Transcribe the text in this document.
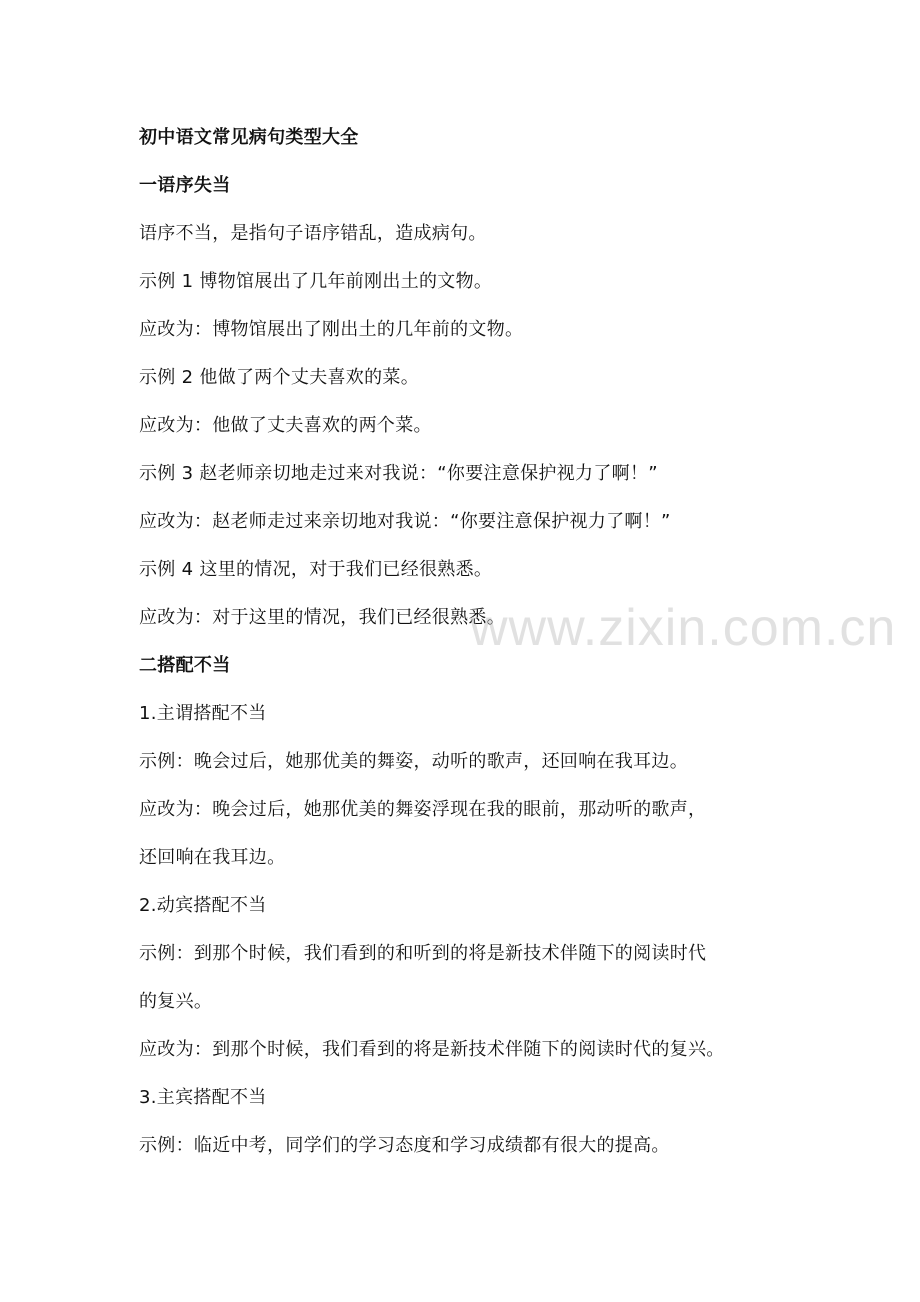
初中语文常见病句类型大全
一语序失当
语序不当，是指句子语序错乱，造成病句。
示例 1 博物馆展出了几年前刚出土的文物。
应改为：博物馆展出了刚出土的几年前的文物。
示例 2 他做了两个丈夫喜欢的菜。
应改为：他做了丈夫喜欢的两个菜。
示例 3 赵老师亲切地走过来对我说：“你要注意保护视力了啊！”
应改为：赵老师走过来亲切地对我说：“你要注意保护视力了啊！”
示例 4 这里的情况，对于我们已经很熟悉。
应改为：对于这里的情况，我们已经很熟悉。
二搭配不当
1.主谓搭配不当
示例：晚会过后，她那优美的舞姿，动听的歌声，还回响在我耳边。
应改为：晚会过后，她那优美的舞姿浮现在我的眼前，那动听的歌声，
还回响在我耳边。
2.动宾搭配不当
示例：到那个时候，我们看到的和听到的将是新技术伴随下的阅读时代
的复兴。
应改为：到那个时候，我们看到的将是新技术伴随下的阅读时代的复兴。
3.主宾搭配不当
示例：临近中考，同学们的学习态度和学习成绩都有很大的提高。
www.zixin.com.cn
